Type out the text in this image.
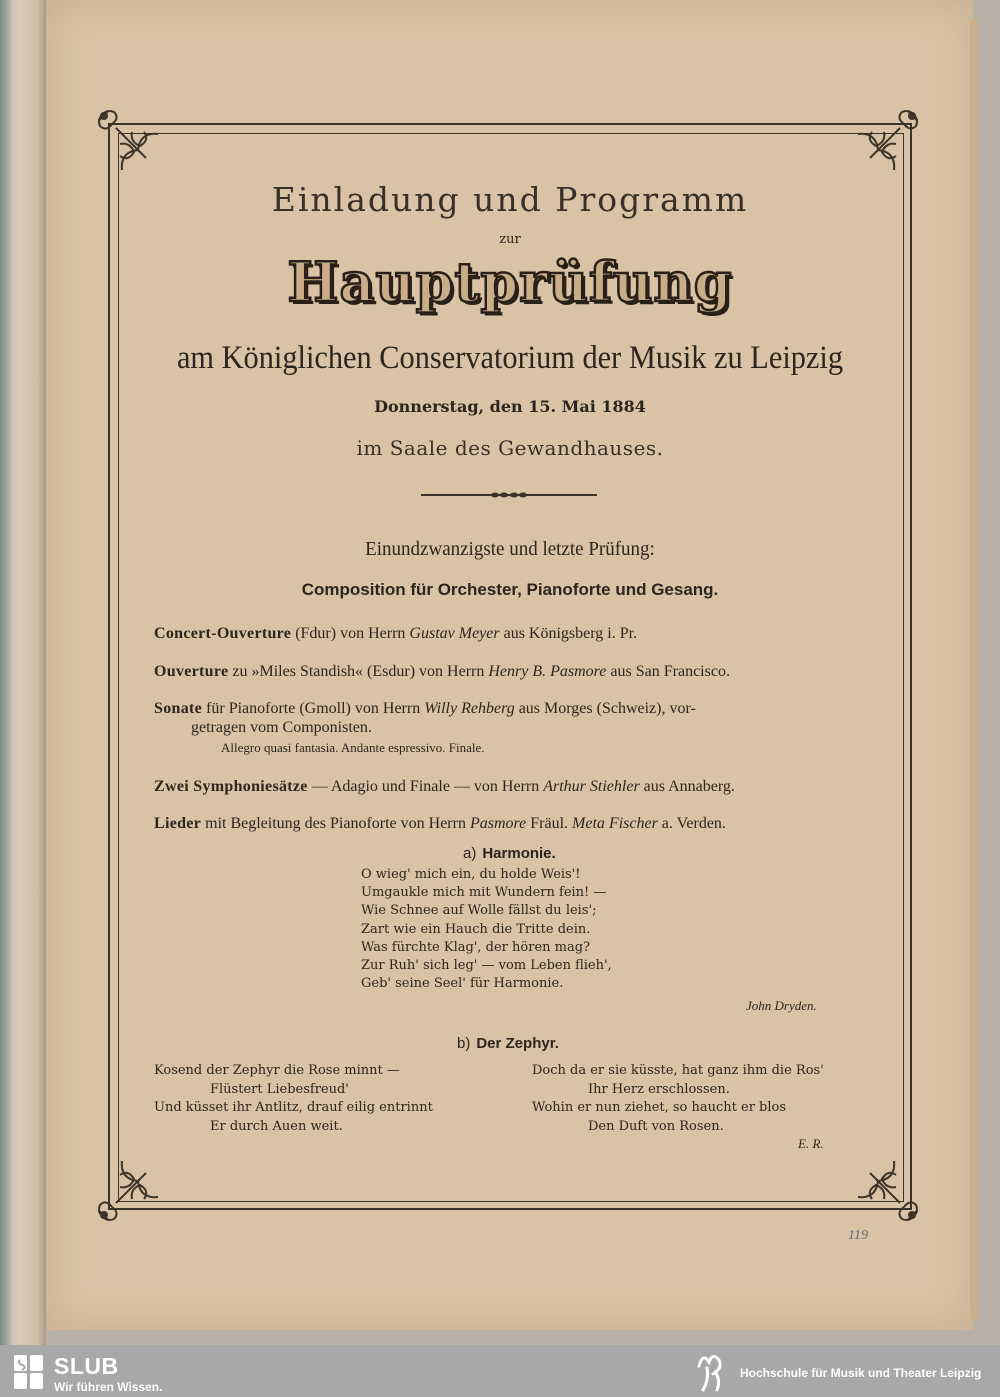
Einladung und Programm
zur
Hauptprüfung
am Königlichen Conservatorium der Musik zu Leipzig
Donnerstag, den 15. Mai 1884
im Saale des Gewandhauses.
Einundzwanzigste und letzte Prüfung:
Composition für Orchester, Pianoforte und Gesang.
Concert-Ouverture (Fdur) von Herrn Gustav Meyer aus Königsberg i. Pr.
Ouverture zu »Miles Standish« (Esdur) von Herrn Henry B. Pasmore aus San Francisco.
Sonate für Pianoforte (Gmoll) von Herrn Willy Rehberg aus Morges (Schweiz), vor-
getragen vom Componisten.
Allegro quasi fantasia. Andante espressivo. Finale.
Zwei Symphoniesätze — Adagio und Finale — von Herrn Arthur Stiehler aus Annaberg.
Lieder mit Begleitung des Pianoforte von Herrn Pasmore Fräul. Meta Fischer a. Verden.
a) Harmonie.
O wieg' mich ein, du holde Weis'!
Umgaukle mich mit Wundern fein! —
Wie Schnee auf Wolle fällst du leis';
Zart wie ein Hauch die Tritte dein.
Was fürchte Klag', der hören mag?
Zur Ruh' sich leg' — vom Leben flieh',
Geb' seine Seel' für Harmonie.
John Dryden.
b) Der Zephyr.
Kosend der Zephyr die Rose minnt —
Flüstert Liebesfreud'
Und küsset ihr Antlitz, drauf eilig entrinnt
Er durch Auen weit.
Doch da er sie küsste, hat ganz ihm die Ros'
Ihr Herz erschlossen.
Wohin er nun ziehet, so haucht er blos
Den Duft von Rosen.
E. R.
119
SLUB
Wir führen Wissen.
Hochschule für Musik und Theater Leipzig
